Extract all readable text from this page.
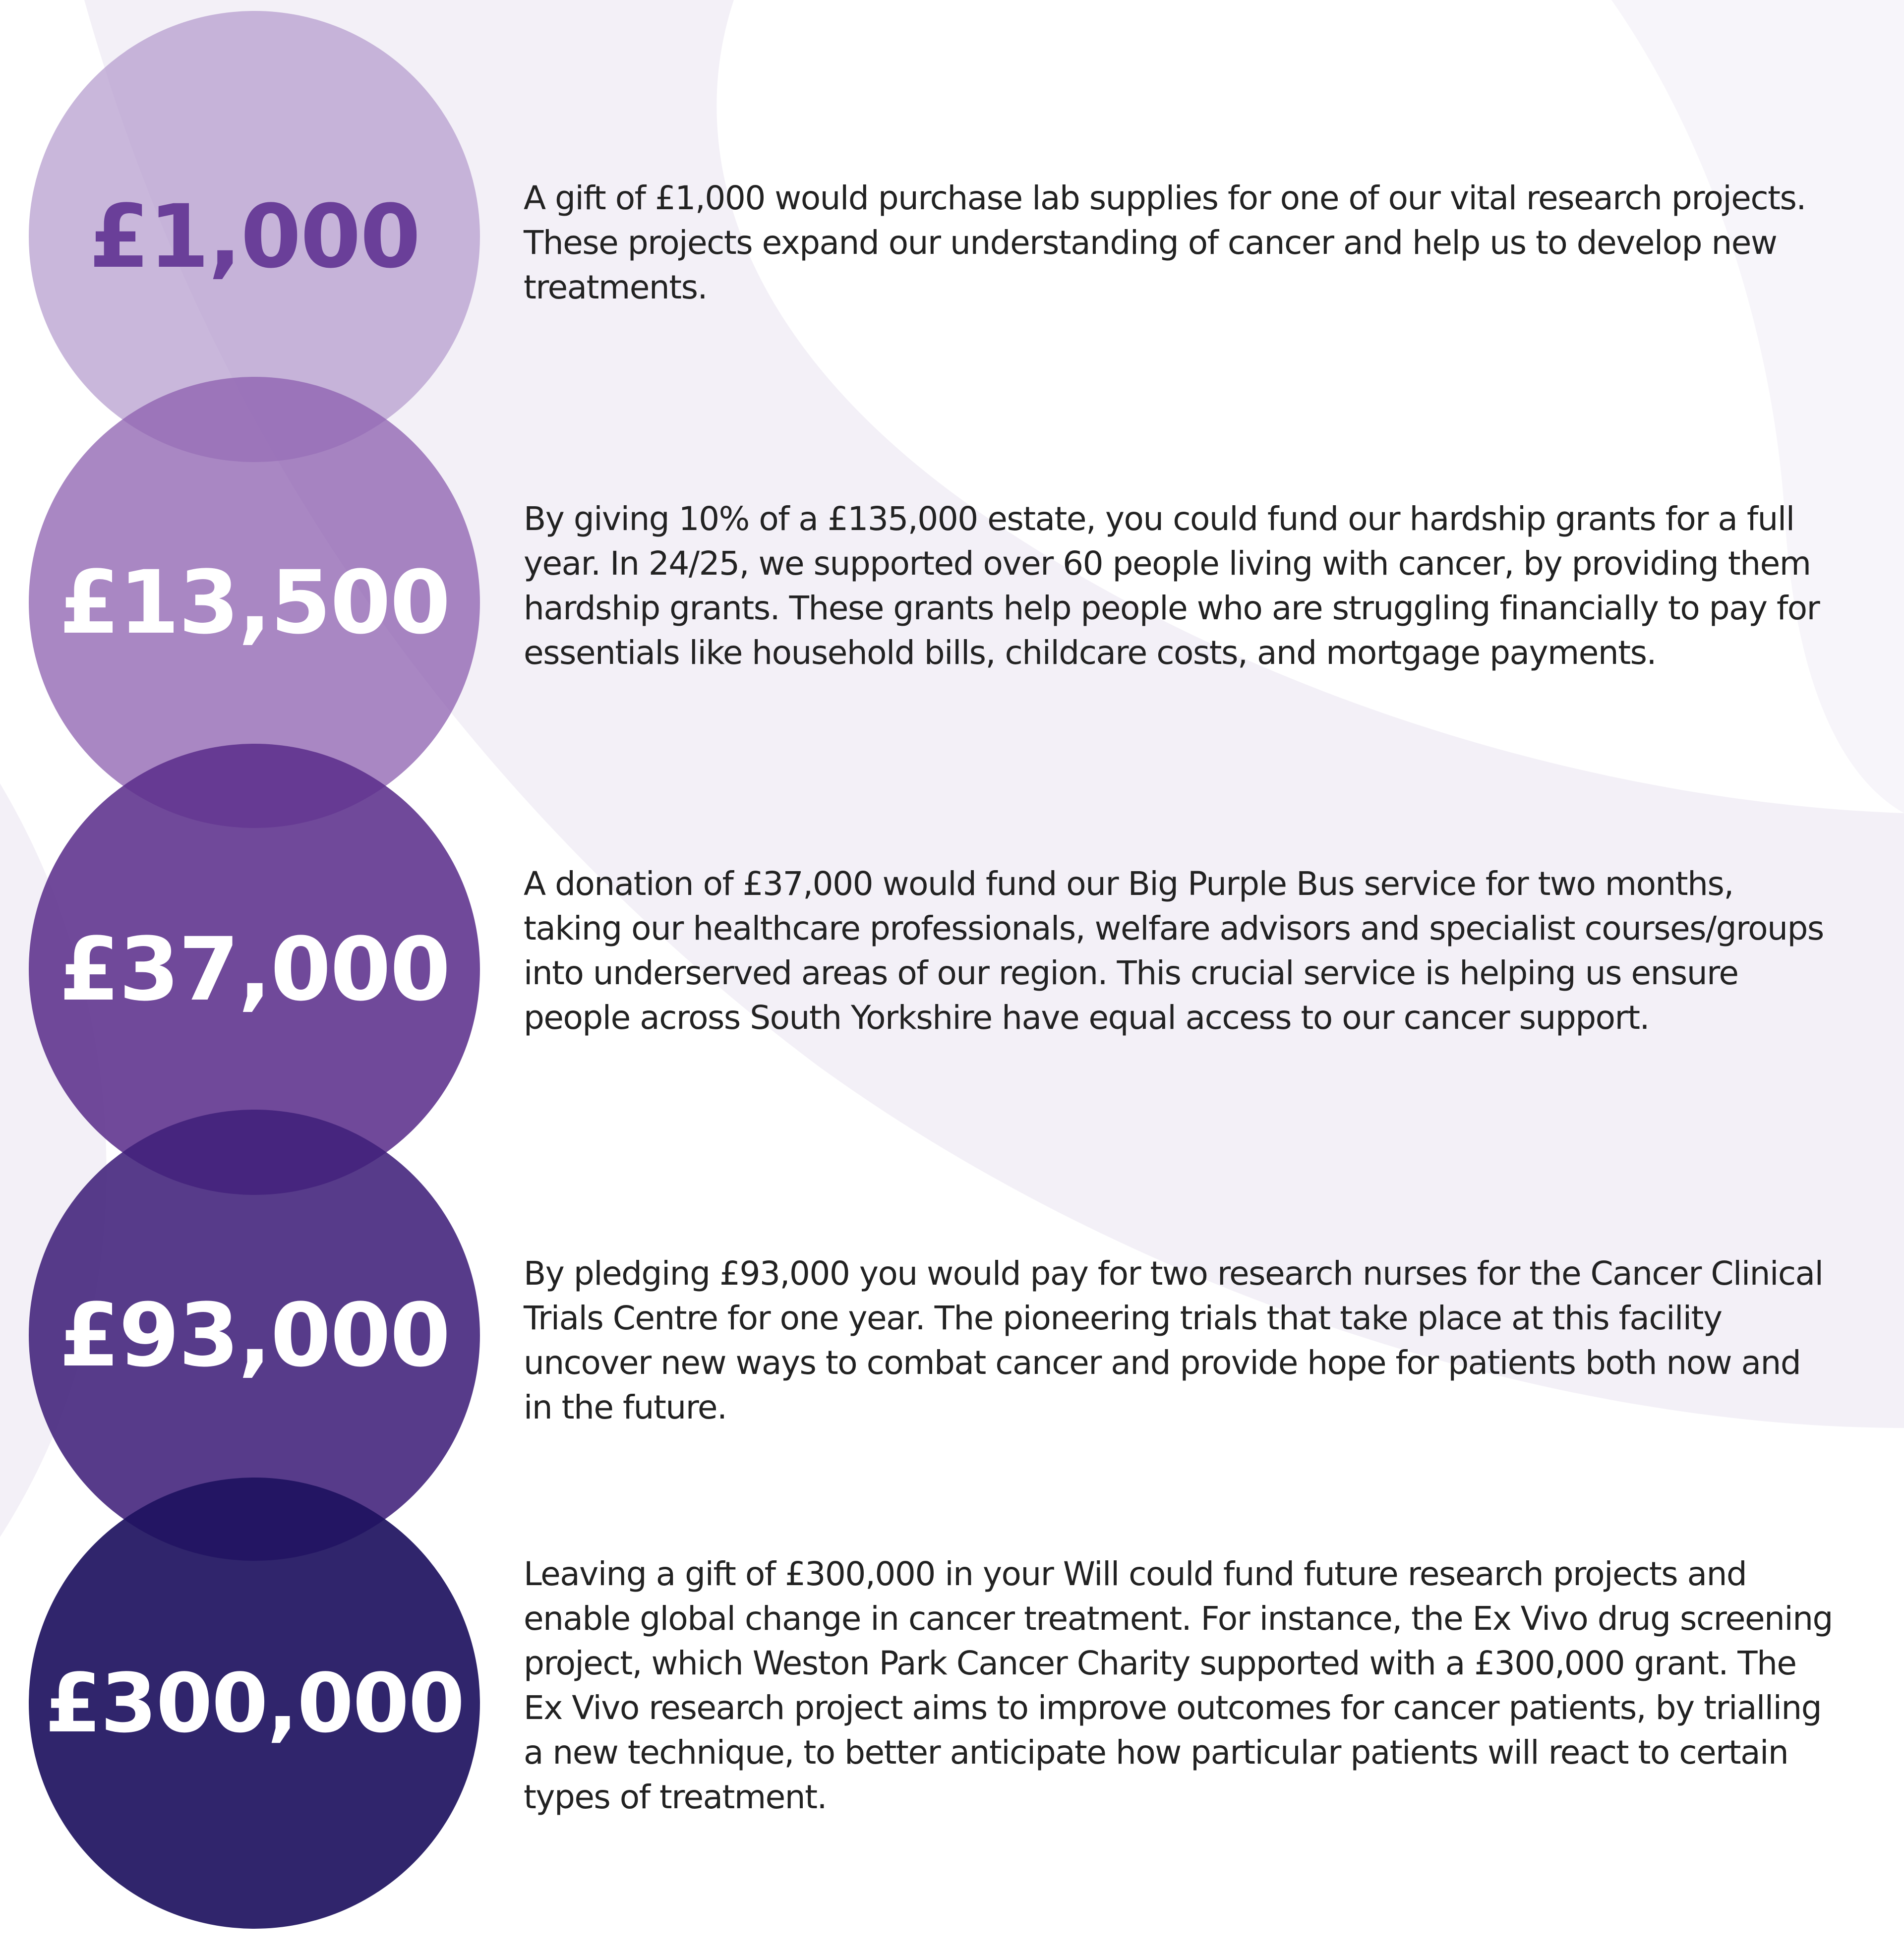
£1,000	A gift of £1,000 would purchase lab supplies for one of our vital research projects. These projects expand our understanding of cancer and help us to develop new treatments.

£13,500

By giving 10% of a £135,000 estate, you could fund our hardship grants for a full year. In 24/25, we supported over 60 people living with cancer, by providing them hardship grants. These grants help people who are struggling financially to pay for essentials like household bills, childcare costs, and mortgage payments.

£37,000

A donation of £37,000 would fund our Big Purple Bus service for two months, taking our healthcare professionals, welfare advisors and specialist courses/groups into underserved areas of our region. This crucial service is helping us ensure people across South Yorkshire have equal access to our cancer support.

£93,000

By pledging £93,000 you would pay for two research nurses for the Cancer Clinical Trials Centre for one year. The pioneering trials that take place at this facility uncover new ways to combat cancer and provide hope for patients both now and in the future.

£300,000

Leaving a gift of £300,000 in your Will could fund future research projects and enable global change in cancer treatment. For instance, the Ex Vivo drug screening project, which Weston Park Cancer Charity supported with a £300,000 grant. The Ex Vivo research project aims to improve outcomes for cancer patients, by trialling a new technique, to better anticipate how particular patients will react to certain types of treatment.
